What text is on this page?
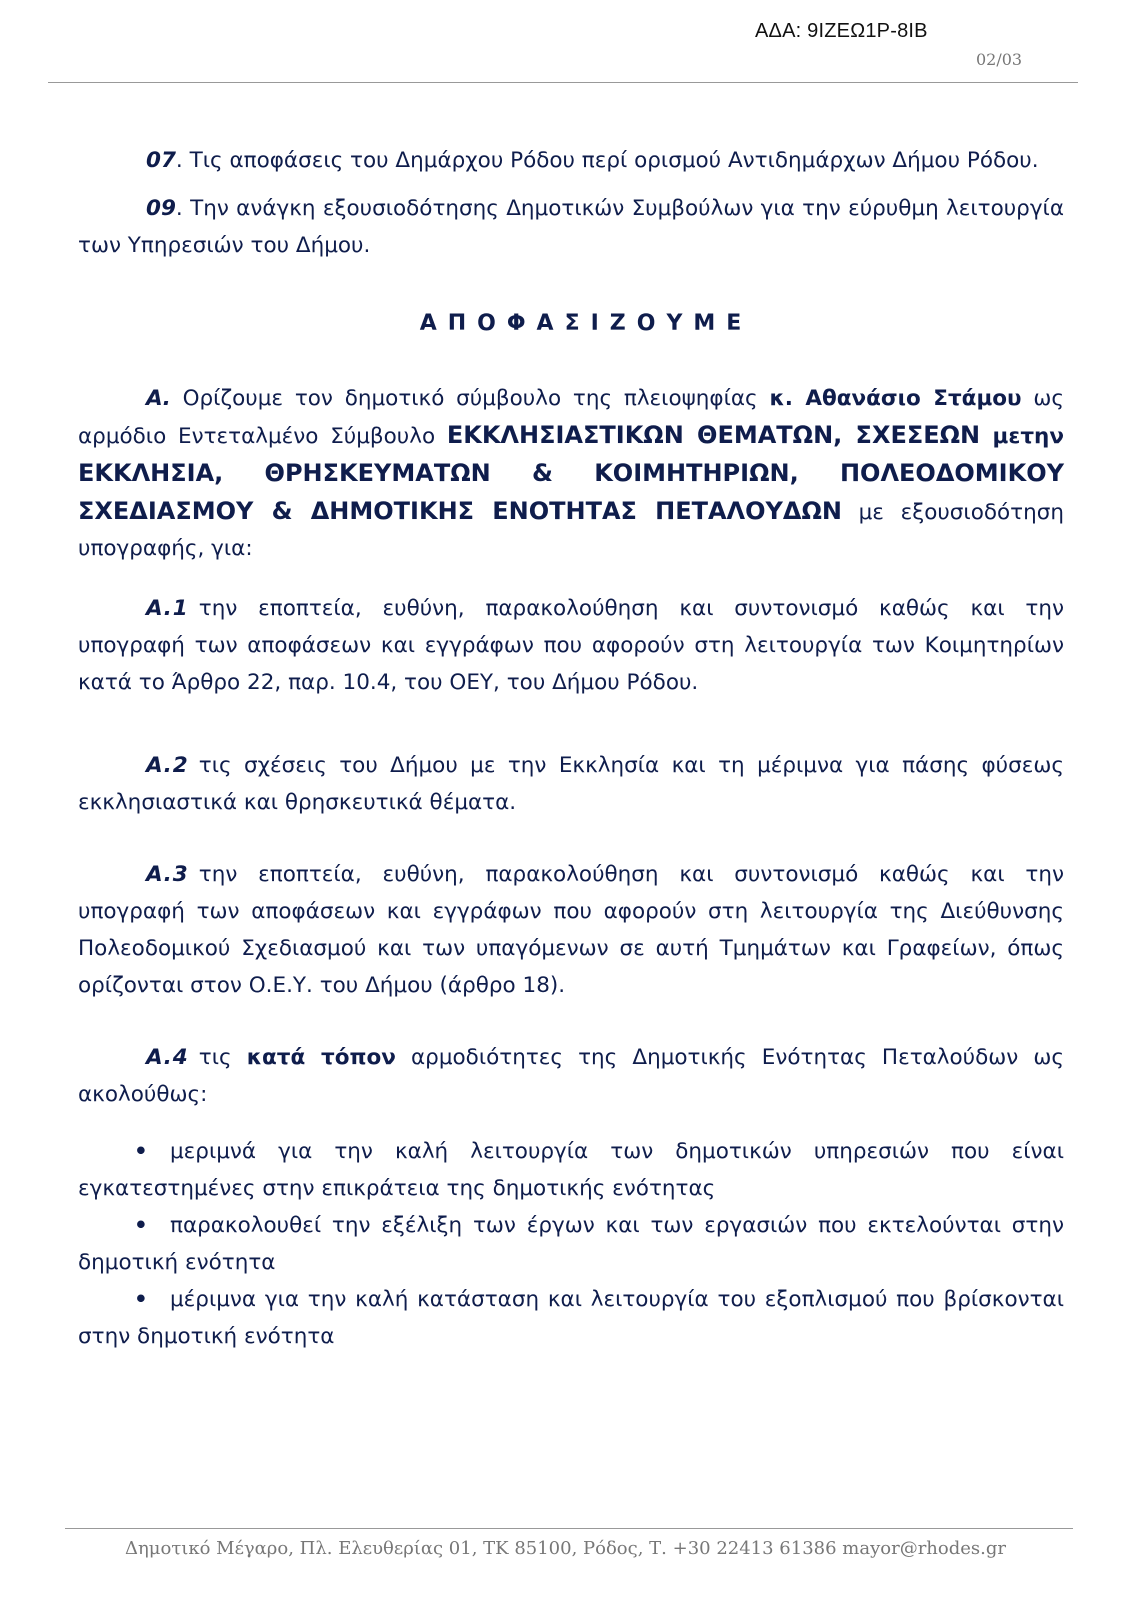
ΑΔΑ: 9ΙΖΕΩ1Ρ-8ΙΒ
02/03

07. Τις αποφάσεις του Δημάρχου Ρόδου περί ορισμού Αντιδημάρχων Δήμου Ρόδου.

09. Την ανάγκη εξουσιοδότησης Δημοτικών Συμβούλων για την εύρυθμη λειτουργία των Υπηρεσιών του Δήμου.

ΑΠΟΦΑΣΙΖΟΥΜΕ

Α. Ορίζουμε τον δημοτικό σύμβουλο της πλειοψηφίας κ. Αθανάσιο Στάμου ως αρμόδιο Εντεταλμένο Σύμβουλο ΕΚΚΛΗΣΙΑΣΤΙΚΩΝ ΘΕΜΑΤΩΝ, ΣΧΕΣΕΩΝ μετην ΕΚΚΛΗΣΙΑ, ΘΡΗΣΚΕΥΜΑΤΩΝ & ΚΟΙΜΗΤΗΡΙΩΝ, ΠΟΛΕΟΔΟΜΙΚΟΥ ΣΧΕΔΙΑΣΜΟΥ & ΔΗΜΟΤΙΚΗΣ ΕΝΟΤΗΤΑΣ ΠΕΤΑΛΟΥΔΩΝ με εξουσιοδότηση υπογραφής, για:

Α.1 την εποπτεία, ευθύνη, παρακολούθηση και συντονισμό καθώς και την υπογραφή των αποφάσεων και εγγράφων που αφορούν στη λειτουργία των Κοιμητηρίων κατά το Άρθρο 22, παρ. 10.4, του ΟΕΥ, του Δήμου Ρόδου.

Α.2 τις σχέσεις του Δήμου με την Εκκλησία και τη μέριμνα για πάσης φύσεως εκκλησιαστικά και θρησκευτικά θέματα.

Α.3 την εποπτεία, ευθύνη, παρακολούθηση και συντονισμό καθώς και την υπογραφή των αποφάσεων και εγγράφων που αφορούν στη λειτουργία της Διεύθυνσης Πολεοδομικού Σχεδιασμού και των υπαγόμενων σε αυτή Τμημάτων και Γραφείων, όπως ορίζονται στον Ο.Ε.Υ. του Δήμου (άρθρο 18).

Α.4 τις κατά τόπον αρμοδιότητες της Δημοτικής Ενότητας Πεταλούδων ως ακολούθως:

• μεριμνά για την καλή λειτουργία των δημοτικών υπηρεσιών που είναι εγκατεστημένες στην επικράτεια της δημοτικής ενότητας

• παρακολουθεί την εξέλιξη των έργων και των εργασιών που εκτελούνται στην δημοτική ενότητα

• μέριμνα για την καλή κατάσταση και λειτουργία του εξοπλισμού που βρίσκονται στην δημοτική ενότητα

Δημοτικό Μέγαρο, Πλ. Ελευθερίας 01, ΤΚ 85100, Ρόδος, Τ. +30 22413 61386 mayor@rhodes.gr
